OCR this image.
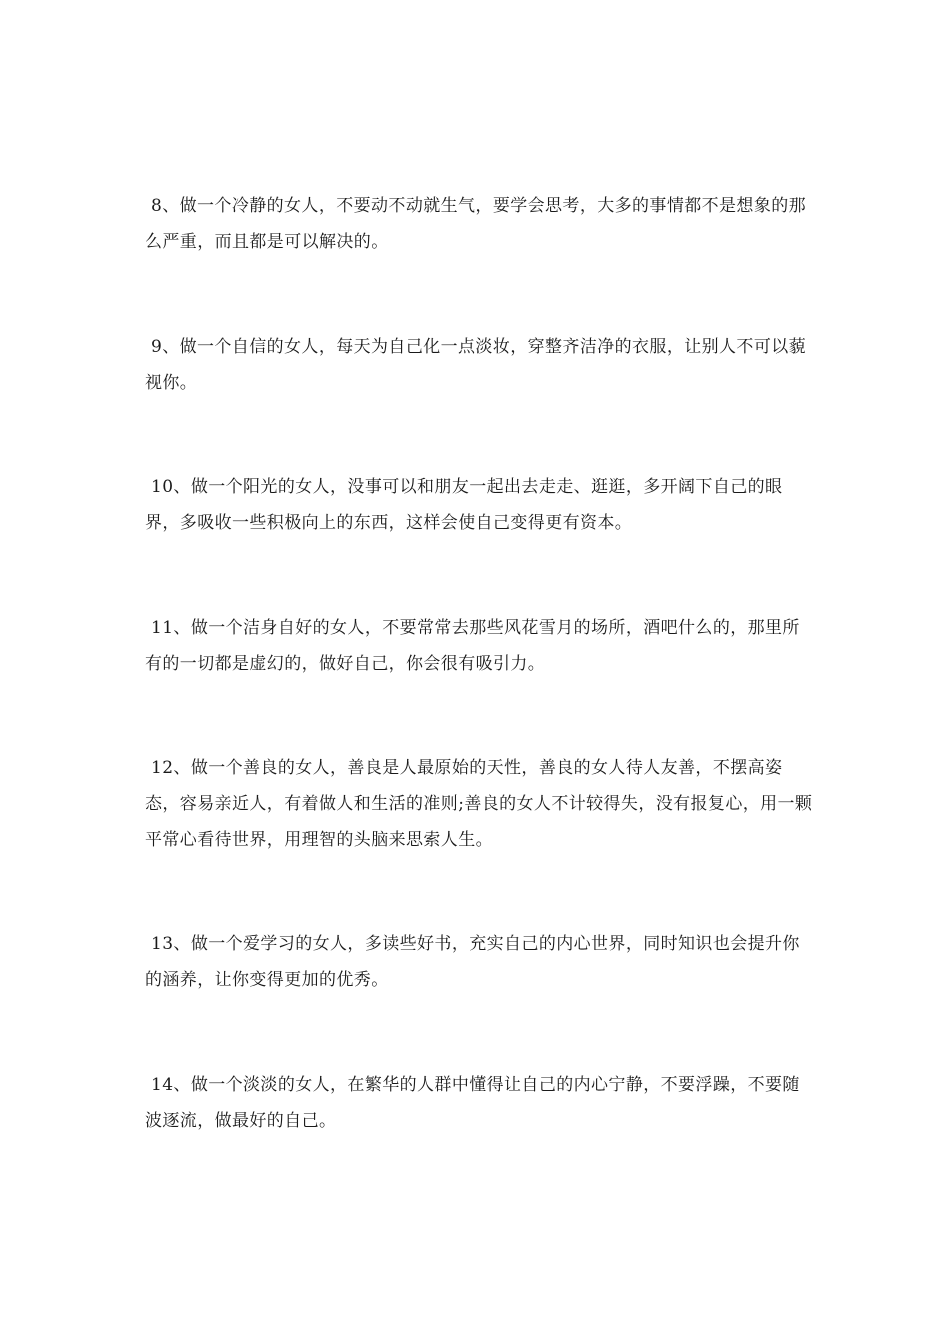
8、做一个冷静的女人，不要动不动就生气，要学会思考，大多的事情都不是想象的那么严重，而且都是可以解决的。

9、做一个自信的女人，每天为自己化一点淡妆，穿整齐洁净的衣服，让别人不可以藐视你。

10、做一个阳光的女人，没事可以和朋友一起出去走走、逛逛，多开阔下自己的眼界，多吸收一些积极向上的东西，这样会使自己变得更有资本。

11、做一个洁身自好的女人，不要常常去那些风花雪月的场所，酒吧什么的，那里所有的一切都是虚幻的，做好自己，你会很有吸引力。

12、做一个善良的女人，善良是人最原始的天性，善良的女人待人友善，不摆高姿态，容易亲近人，有着做人和生活的准则;善良的女人不计较得失，没有报复心，用一颗平常心看待世界，用理智的头脑来思索人生。

13、做一个爱学习的女人，多读些好书，充实自己的内心世界，同时知识也会提升你的涵养，让你变得更加的优秀。

14、做一个淡淡的女人，在繁华的人群中懂得让自己的内心宁静，不要浮躁，不要随波逐流，做最好的自己。
